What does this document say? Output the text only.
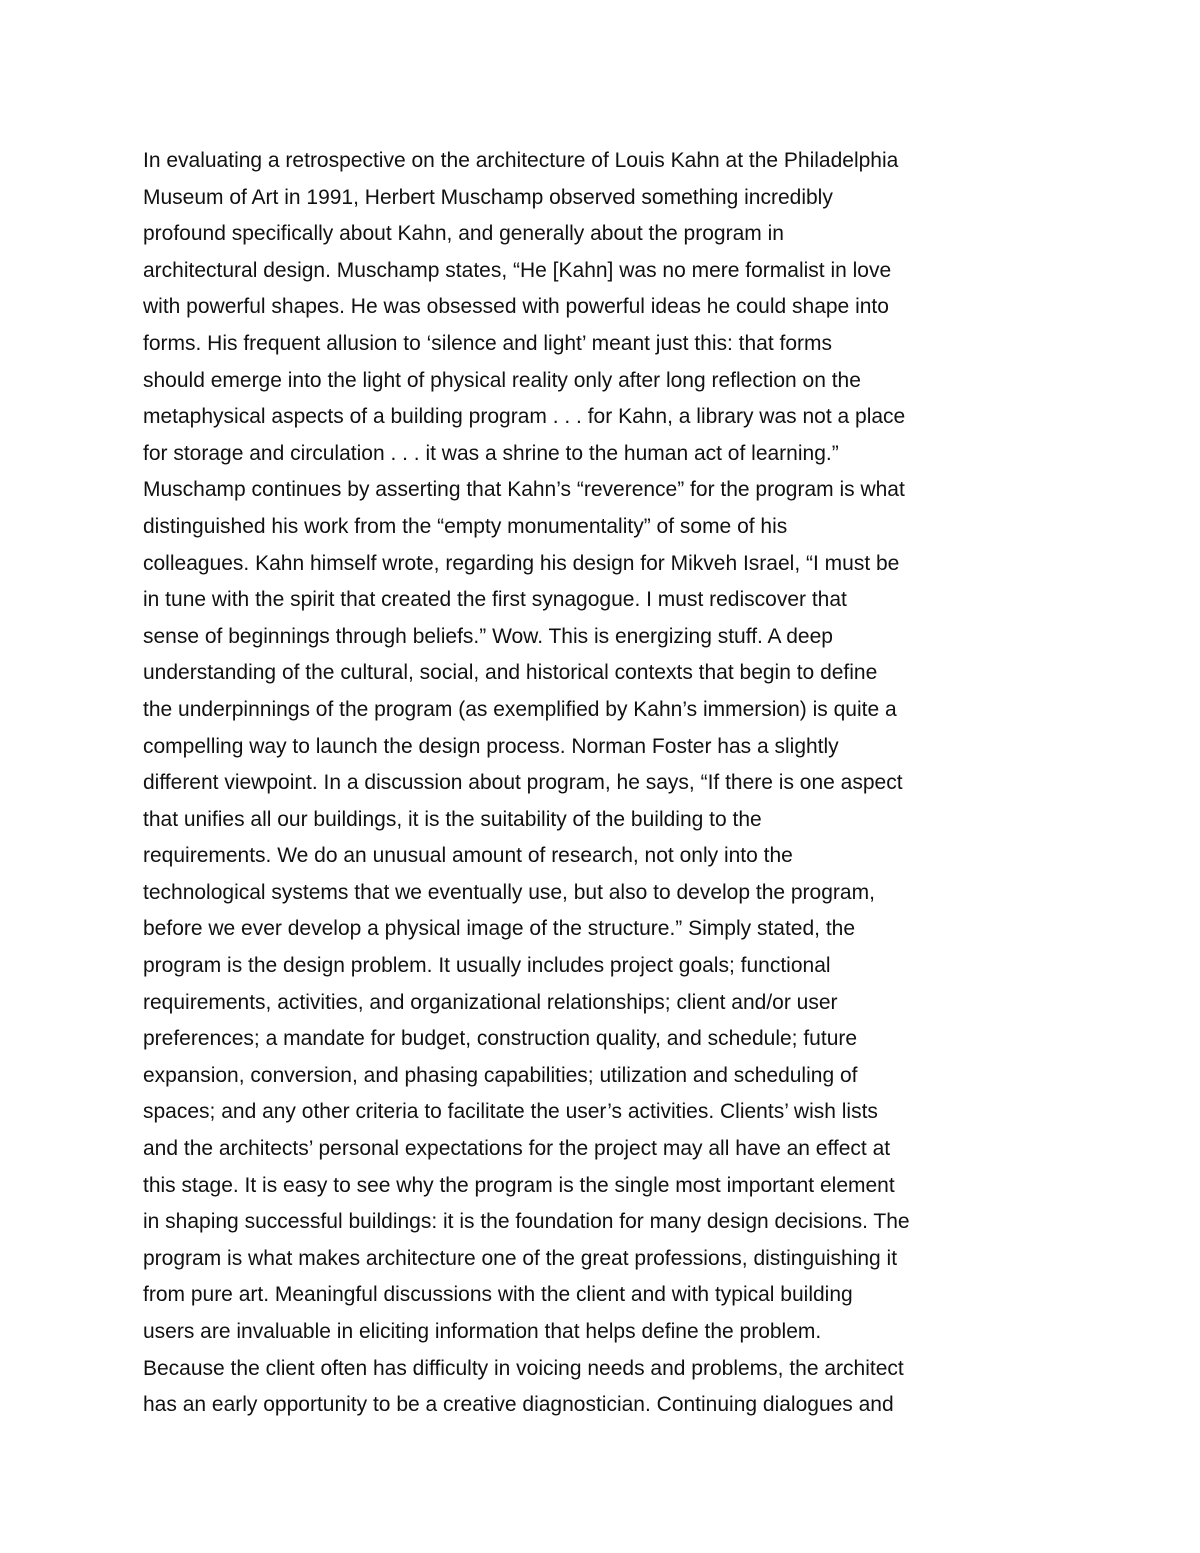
In evaluating a retrospective on the architecture of Louis Kahn at the Philadelphia
Museum of Art in 1991, Herbert Muschamp observed something incredibly
profound specifically about Kahn, and generally about the program in
architectural design. Muschamp states, “He [Kahn] was no mere formalist in love
with powerful shapes. He was obsessed with powerful ideas he could shape into
forms. His frequent allusion to ‘silence and light’ meant just this: that forms
should emerge into the light of physical reality only after long reflection on the
metaphysical aspects of a building program . . . for Kahn, a library was not a place
for storage and circulation . . . it was a shrine to the human act of learning.”
Muschamp continues by asserting that Kahn’s “reverence” for the program is what
distinguished his work from the “empty monumentality” of some of his
colleagues. Kahn himself wrote, regarding his design for Mikveh Israel, “I must be
in tune with the spirit that created the first synagogue. I must rediscover that
sense of beginnings through beliefs.” Wow. This is energizing stuff. A deep
understanding of the cultural, social, and historical contexts that begin to define
the underpinnings of the program (as exemplified by Kahn’s immersion) is quite a
compelling way to launch the design process. Norman Foster has a slightly
different viewpoint. In a discussion about program, he says, “If there is one aspect
that unifies all our buildings, it is the suitability of the building to the
requirements. We do an unusual amount of research, not only into the
technological systems that we eventually use, but also to develop the program,
before we ever develop a physical image of the structure.” Simply stated, the
program is the design problem. It usually includes project goals; functional
requirements, activities, and organizational relationships; client and/or user
preferences; a mandate for budget, construction quality, and schedule; future
expansion, conversion, and phasing capabilities; utilization and scheduling of
spaces; and any other criteria to facilitate the user’s activities. Clients’ wish lists
and the architects’ personal expectations for the project may all have an effect at
this stage. It is easy to see why the program is the single most important element
in shaping successful buildings: it is the foundation for many design decisions. The
program is what makes architecture one of the great professions, distinguishing it
from pure art. Meaningful discussions with the client and with typical building
users are invaluable in eliciting information that helps define the problem.
Because the client often has difficulty in voicing needs and problems, the architect
has an early opportunity to be a creative diagnostician. Continuing dialogues and
